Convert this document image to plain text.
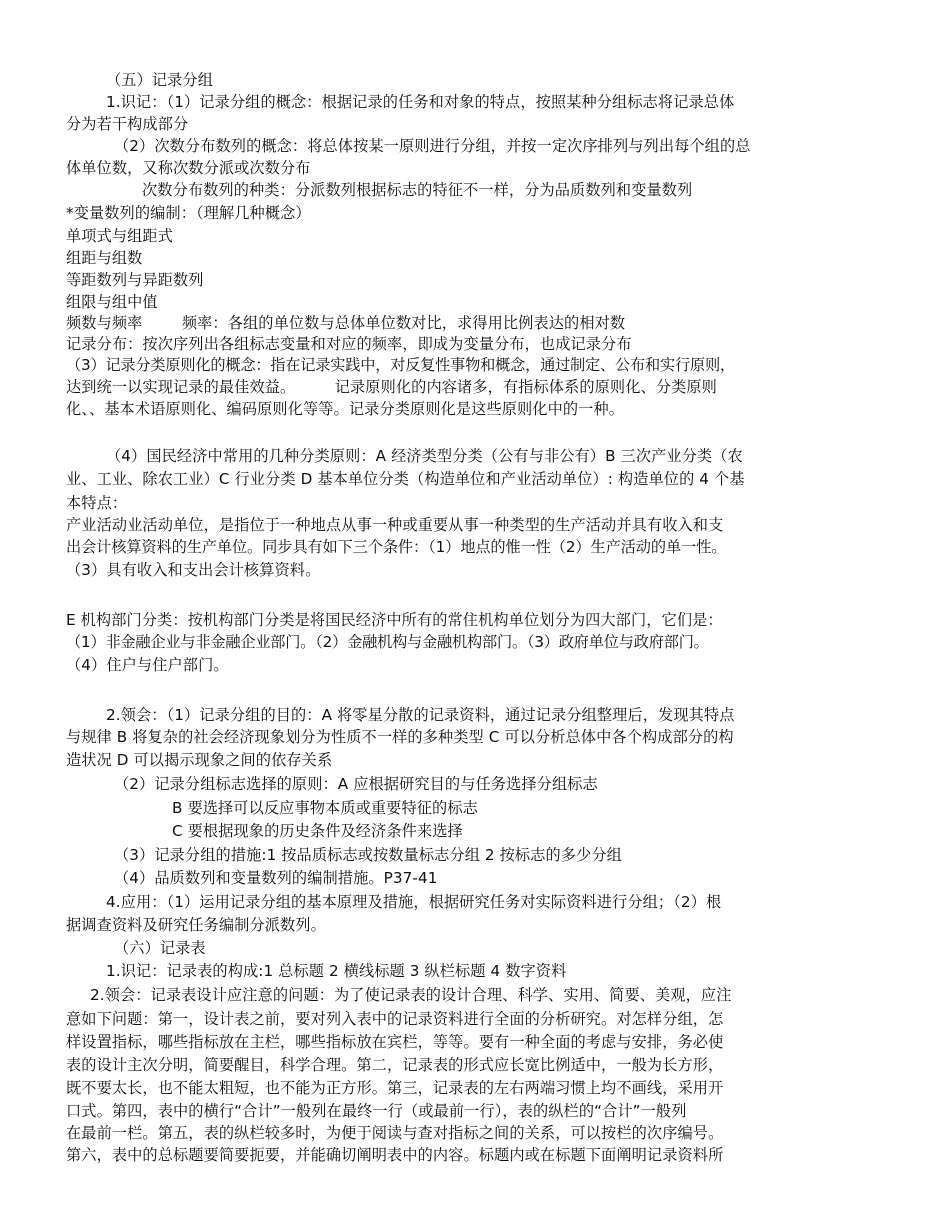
（五）记录分组
1.识记：（1）记录分组的概念：根据记录的任务和对象的特点，按照某种分组标志将记录总体
分为若干构成部分
（2）次数分布数列的概念：将总体按某一原则进行分组，并按一定次序排列与列出每个组的总
体单位数，又称次数分派或次数分布
次数分布数列的种类：分派数列根据标志的特征不一样，分为品质数列和变量数列
*变量数列的编制：（理解几种概念）
单项式与组距式
组距与组数
等距数列与异距数列
组限与组中值
频数与频率        频率：各组的单位数与总体单位数对比，求得用比例表达的相对数
记录分布：按次序列出各组标志变量和对应的频率，即成为变量分布，也成记录分布
（3）记录分类原则化的概念：指在记录实践中，对反复性事物和概念，通过制定、公布和实行原则，
达到统一以实现记录的最佳效益。        记录原则化的内容诸多，有指标体系的原则化、分类原则
化、、基本术语原则化、编码原则化等等。记录分类原则化是这些原则化中的一种。
（4）国民经济中常用的几种分类原则：A 经济类型分类（公有与非公有）B 三次产业分类（农
业、工业、除农工业）C 行业分类 D 基本单位分类（构造单位和产业活动单位）: 构造单位的 4 个基
本特点：
产业活动业活动单位，是指位于一种地点从事一种或重要从事一种类型的生产活动并具有收入和支
出会计核算资料的生产单位。同步具有如下三个条件：（1）地点的惟一性（2）生产活动的单一性。
（3）具有收入和支出会计核算资料。
E 机构部门分类：按机构部门分类是将国民经济中所有的常住机构单位划分为四大部门，它们是：
（1）非金融企业与非金融企业部门。（2）金融机构与金融机构部门。（3）政府单位与政府部门。
（4）住户与住户部门。
2.领会：（1）记录分组的目的：A 将零星分散的记录资料，通过记录分组整理后，发现其特点
与规律 B 将复杂的社会经济现象划分为性质不一样的多种类型 C 可以分析总体中各个构成部分的构
造状况 D 可以揭示现象之间的依存关系
（2）记录分组标志选择的原则：A 应根据研究目的与任务选择分组标志
B 要选择可以反应事物本质或重要特征的标志
C 要根据现象的历史条件及经济条件来选择
（3）记录分组的措施:1 按品质标志或按数量标志分组 2 按标志的多少分组
（4）品质数列和变量数列的编制措施。P37-41
4.应用：（1）运用记录分组的基本原理及措施，根据研究任务对实际资料进行分组；（2）根
据调查资料及研究任务编制分派数列。
（六）记录表
1.识记：记录表的构成:1 总标题 2 横线标题 3 纵栏标题 4 数字资料
2.领会：记录表设计应注意的问题：为了使记录表的设计合理、科学、实用、简要、美观，应注
意如下问题：第一，设计表之前，要对列入表中的记录资料进行全面的分析研究。对怎样分组，怎
样设置指标，哪些指标放在主栏，哪些指标放在宾栏，等等。要有一种全面的考虑与安排，务必使
表的设计主次分明，简要醒目，科学合理。第二，记录表的形式应长宽比例适中，一般为长方形，
既不要太长，也不能太粗短，也不能为正方形。第三，记录表的左右两端习惯上均不画线，采用开
口式。第四，表中的横行“合计”一般列在最终一行（或最前一行），表的纵栏的“合计”一般列
在最前一栏。第五，表的纵栏较多时，为便于阅读与查对指标之间的关系，可以按栏的次序编号。
第六，表中的总标题要简要扼要，并能确切阐明表中的内容。标题内或在标题下面阐明记录资料所
